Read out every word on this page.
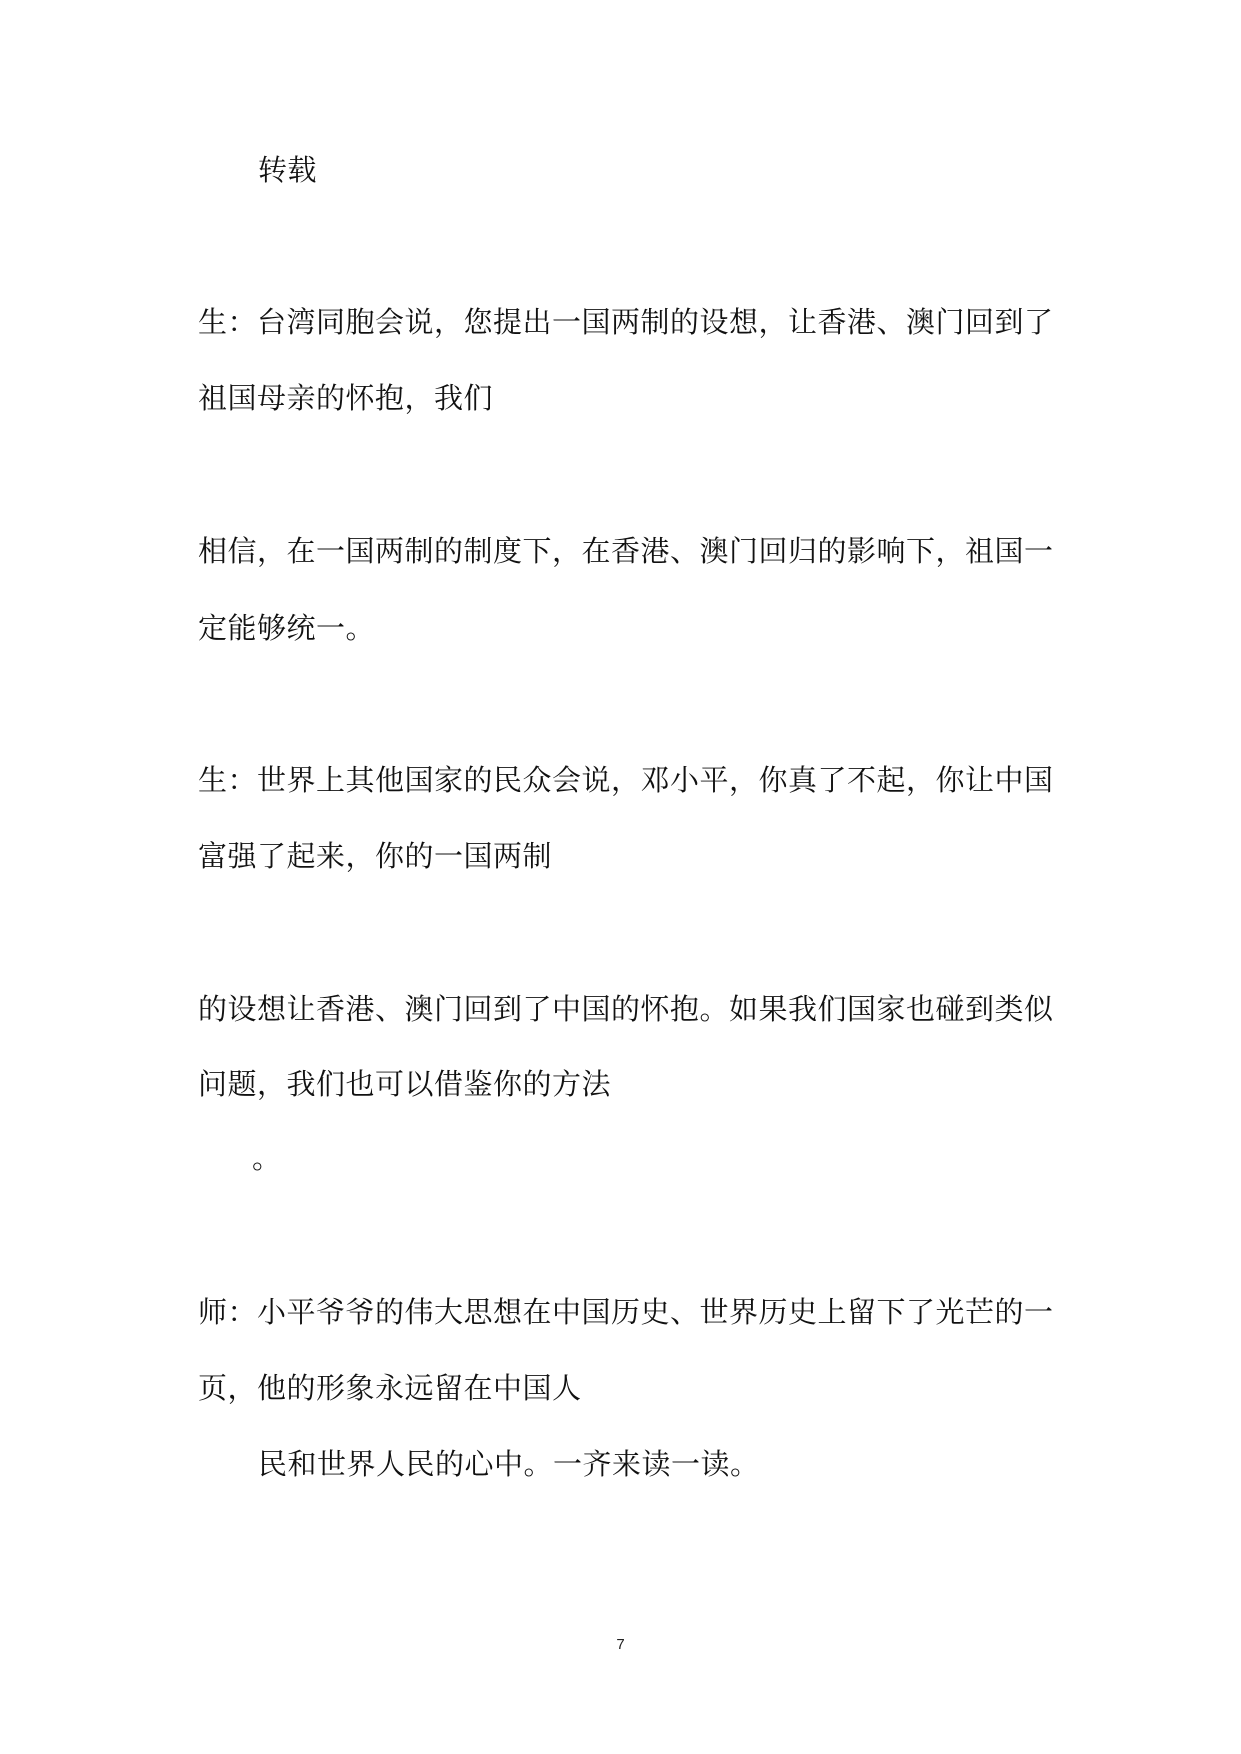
转载
生：台湾同胞会说，您提出一国两制的设想，让香港、澳门回到了
祖国母亲的怀抱，我们
相信，在一国两制的制度下，在香港、澳门回归的影响下，祖国一
定能够统一。
生：世界上其他国家的民众会说，邓小平，你真了不起，你让中国
富强了起来，你的一国两制
的设想让香港、澳门回到了中国的怀抱。如果我们国家也碰到类似
问题，我们也可以借鉴你的方法
。
师：小平爷爷的伟大思想在中国历史、世界历史上留下了光芒的一
页，他的形象永远留在中国人
民和世界人民的心中。一齐来读一读。
7
